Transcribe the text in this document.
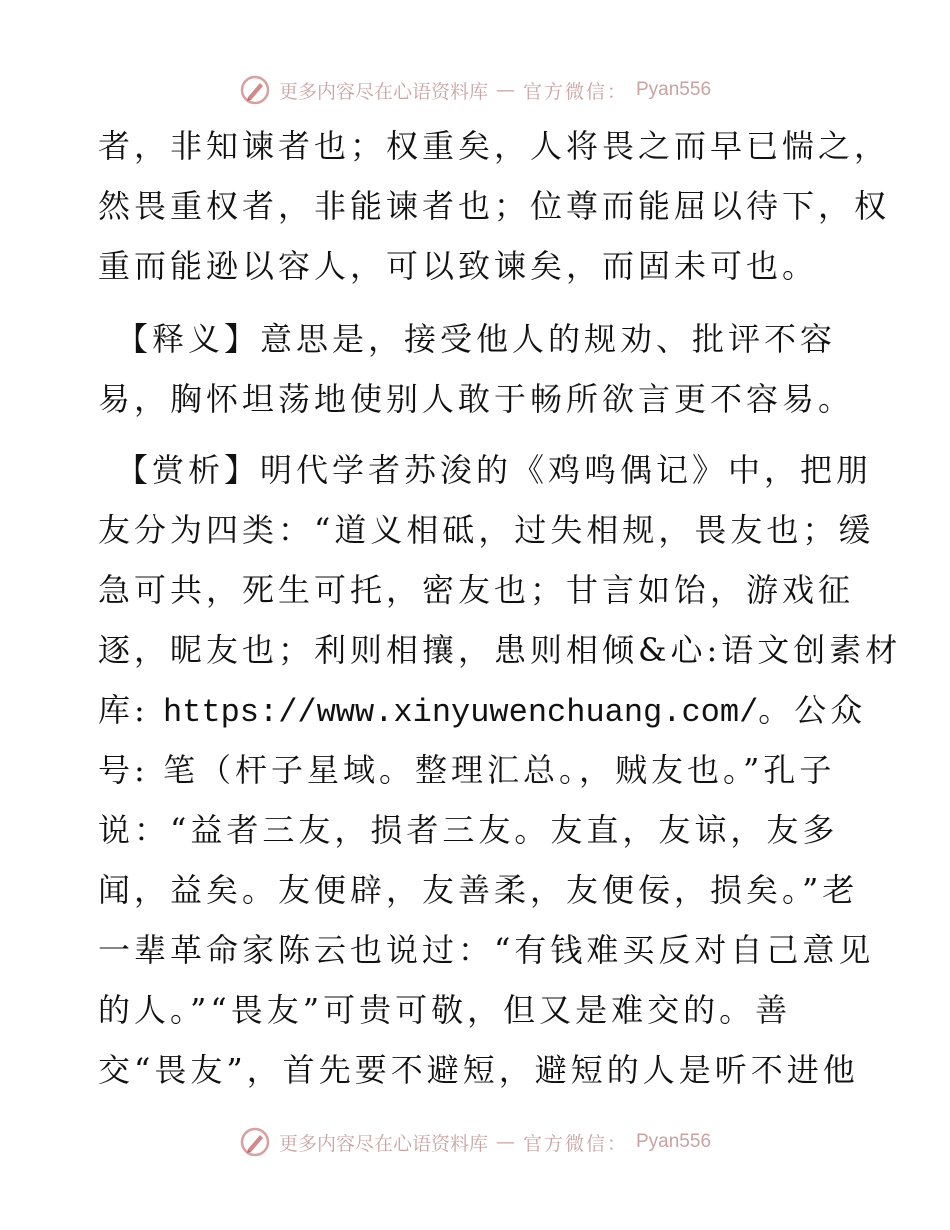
更多内容尽在心语资料库 — 官方微信： Pyan556
者，非知谏者也；权重矣，人将畏之而早已惴之，
然畏重权者，非能谏者也；位尊而能屈以待下，权
重而能逊以容人，可以致谏矣，而固未可也。
【释义】意思是，接受他人的规劝、批评不容
易，胸怀坦荡地使别人敢于畅所欲言更不容易。
【赏析】明代学者苏浚的《鸡鸣偶记》中，把朋
友分为四类：“道义相砥，过失相规，畏友也；缓
急可共，死生可托，密友也；甘言如饴，游戏征
逐，昵友也；利则相攘，患则相倾&心:语文创素材
库: https://www.xinyuwenchuang.com/。公众
号: 笔（杆子星域。整理汇总。，贼友也。”孔子
说：“益者三友，损者三友。友直，友谅，友多
闻，益矣。友便辟，友善柔，友便佞，损矣。”老
一辈革命家陈云也说过：“有钱难买反对自己意见
的人。”“畏友”可贵可敬，但又是难交的。善
交“畏友”，首先要不避短，避短的人是听不进他
更多内容尽在心语资料库 — 官方微信： Pyan556
